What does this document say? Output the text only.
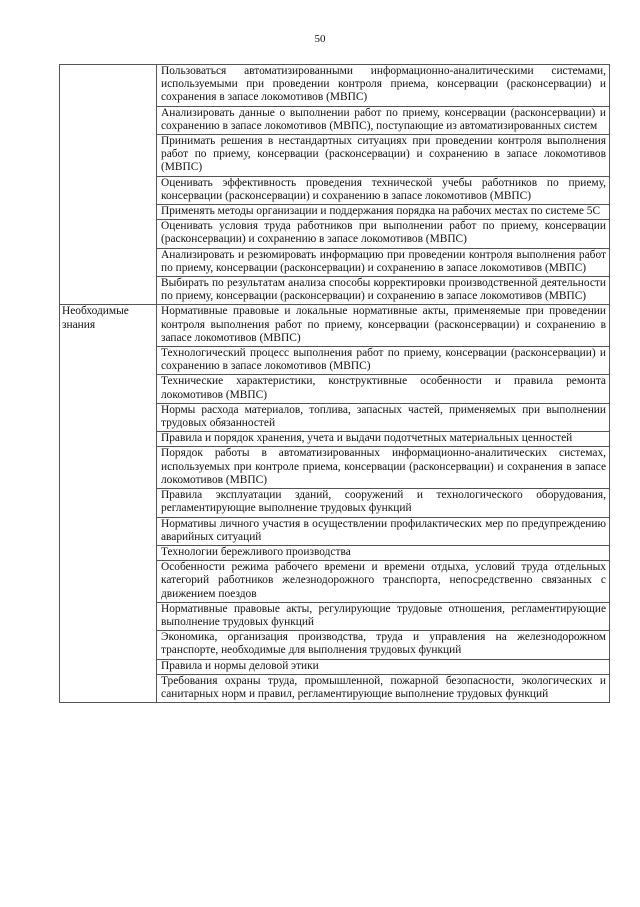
50
	Пользоваться автоматизированными информационно-аналитическими системами, используемыми при проведении контроля приема, консервации (расконсервации) и сохранения в запасе локомотивов (МВПС)
	Анализировать данные о выполнении работ по приему, консервации (расконсервации) и сохранению в запасе локомотивов (МВПС), поступающие из автоматизированных систем
	Принимать решения в нестандартных ситуациях при проведении контроля выполнения работ по приему, консервации (расконсервации) и сохранению в запасе локомотивов (МВПС)
	Оценивать эффективность проведения технической учебы работников по приему, консервации (расконсервации) и сохранению в запасе локомотивов (МВПС)
	Применять методы организации и поддержания порядка на рабочих местах по системе 5С
	Оценивать условия труда работников при выполнении работ по приему, консервации (расконсервации) и сохранению в запасе локомотивов (МВПС)
	Анализировать и резюмировать информацию при проведении контроля выполнения работ по приему, консервации (расконсервации) и сохранению в запасе локомотивов (МВПС)
	Выбирать по результатам анализа способы корректировки производственной деятельности по приему, консервации (расконсервации) и сохранению в запасе локомотивов (МВПС)
Необходимые знания	Нормативные правовые и локальные нормативные акты, применяемые при проведении контроля выполнения работ по приему, консервации (расконсервации) и сохранению в запасе локомотивов (МВПС)
	Технологический процесс выполнения работ по приему, консервации (расконсервации) и сохранению в запасе локомотивов (МВПС)
	Технические характеристики, конструктивные особенности и правила ремонта локомотивов (МВПС)
	Нормы расхода материалов, топлива, запасных частей, применяемых при выполнении трудовых обязанностей
	Правила и порядок хранения, учета и выдачи подотчетных материальных ценностей
	Порядок работы в автоматизированных информационно-аналитических системах, используемых при контроле приема, консервации (расконсервации) и сохранения в запасе локомотивов (МВПС)
	Правила эксплуатации зданий, сооружений и технологического оборудования, регламентирующие выполнение трудовых функций
	Нормативы личного участия в осуществлении профилактических мер по предупреждению аварийных ситуаций
	Технологии бережливого производства
	Особенности режима рабочего времени и времени отдыха, условий труда отдельных категорий работников железнодорожного транспорта, непосредственно связанных с движением поездов
	Нормативные правовые акты, регулирующие трудовые отношения, регламентирующие выполнение трудовых функций
	Экономика, организация производства, труда и управления на железнодорожном транспорте, необходимые для выполнения трудовых функций
	Правила и нормы деловой этики
	Требования охраны труда, промышленной, пожарной безопасности, экологических и санитарных норм и правил, регламентирующие выполнение трудовых функций
